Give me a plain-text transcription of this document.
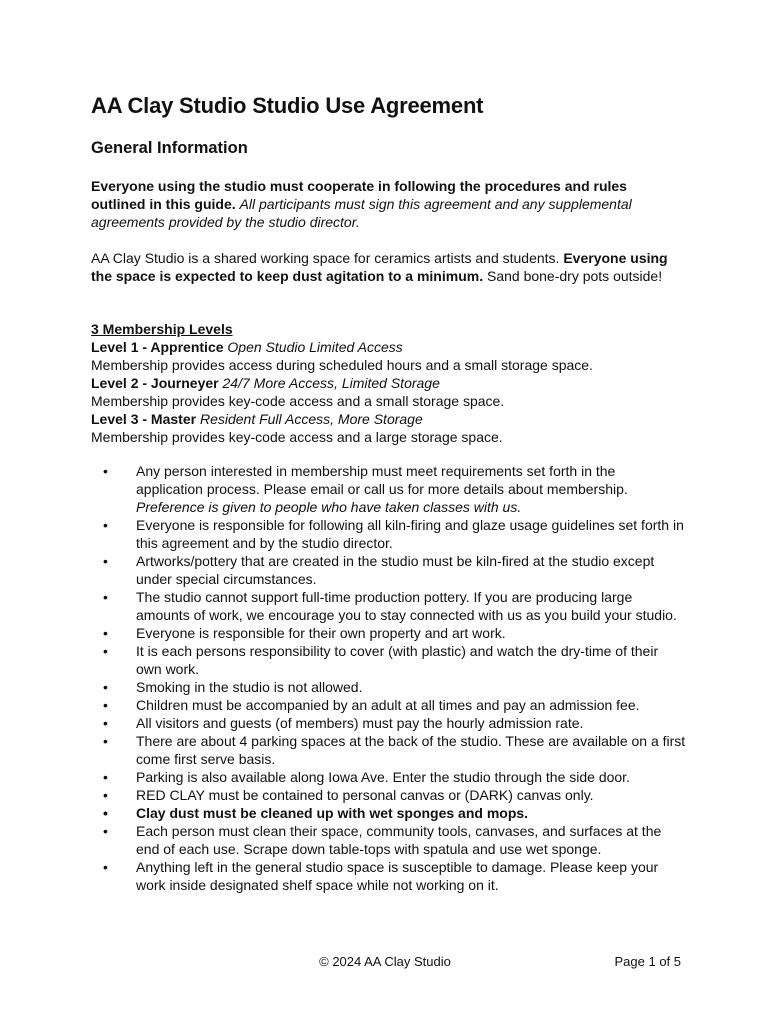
AA Clay Studio Studio Use Agreement
General Information

Everyone using the studio must cooperate in following the procedures and rules outlined in this guide. All participants must sign this agreement and any supplemental agreements provided by the studio director.

AA Clay Studio is a shared working space for ceramics artists and students. Everyone using the space is expected to keep dust agitation to a minimum. Sand bone-dry pots outside!

3 Membership Levels
Level 1 - Apprentice Open Studio Limited Access
Membership provides access during scheduled hours and a small storage space.
Level 2 - Journeyer 24/7 More Access, Limited Storage
Membership provides key-code access and a small storage space.
Level 3 - Master Resident Full Access, More Storage
Membership provides key-code access and a large storage space.
• Any person interested in membership must meet requirements set forth in the application process. Please email or call us for more details about membership. Preference is given to people who have taken classes with us.
• Everyone is responsible for following all kiln-firing and glaze usage guidelines set forth in this agreement and by the studio director.
• Artworks/pottery that are created in the studio must be kiln-fired at the studio except under special circumstances.
• The studio cannot support full-time production pottery. If you are producing large amounts of work, we encourage you to stay connected with us as you build your studio.
• Everyone is responsible for their own property and art work.
• It is each persons responsibility to cover (with plastic) and watch the dry-time of their own work.
• Smoking in the studio is not allowed.
• Children must be accompanied by an adult at all times and pay an admission fee.
• All visitors and guests (of members) must pay the hourly admission rate.
• There are about 4 parking spaces at the back of the studio. These are available on a first come first serve basis.
• Parking is also available along Iowa Ave. Enter the studio through the side door.
• RED CLAY must be contained to personal canvas or (DARK) canvas only.
• Clay dust must be cleaned up with wet sponges and mops.
• Each person must clean their space, community tools, canvases, and surfaces at the end of each use. Scrape down table-tops with spatula and use wet sponge.
• Anything left in the general studio space is susceptible to damage. Please keep your work inside designated shelf space while not working on it.
© 2024 AA Clay Studio	Page 1 of 5
